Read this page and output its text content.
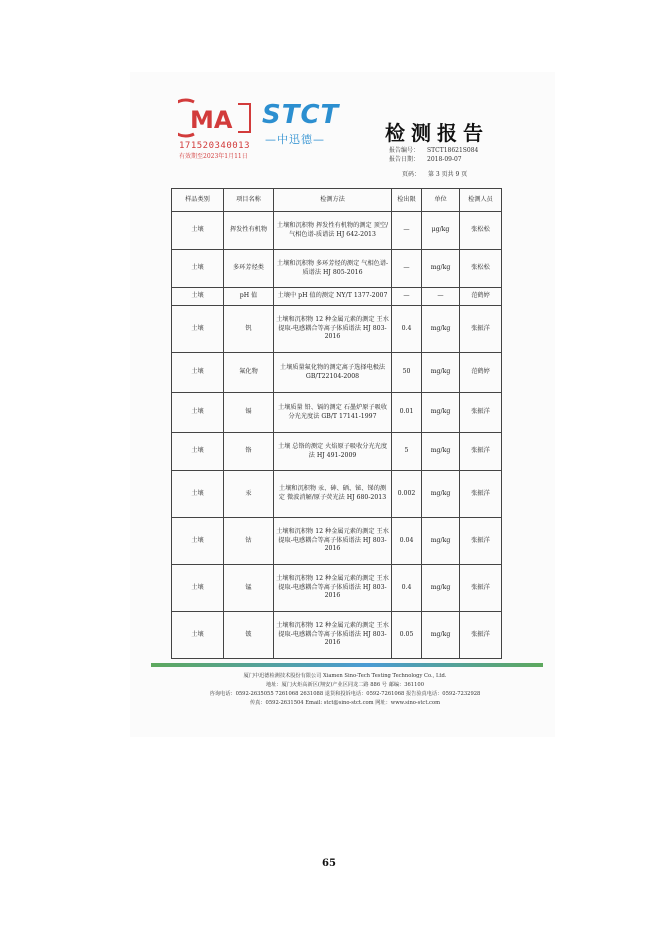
MA
171520340013
有效期至2023年1月11日
STCT
—中迅德—	检测报告
报告编号： STCT18621S084
报告日期： 2018-09-07
页码： 第 3 页共 9 页
样品类别	项目名称	检测方法	检出限	单位	检测人员
土壤	挥发性有机物	土壤和沉积物 挥发性有机物的测定 顶空/气相色谱-质谱法 HJ 642-2013	—	μg/kg	张松松
土壤	多环芳烃类	土壤和沉积物 多环芳烃的测定 气相色谱-质谱法 HJ 805-2016	—	mg/kg	张松松
土壤	pH 值	土壤中 pH 值的测定 NY/T 1377-2007	—	—	范鹤婷
土壤	钒	土壤和沉积物 12 种金属元素的测定 王水提取-电感耦合等离子体质谱法 HJ 803-2016	0.4	mg/kg	张振洋
土壤	氟化物	土壤质量氟化物的测定离子选择电极法 GB/T22104-2008	50	mg/kg	范鹤婷
土壤	镉	土壤质量 铅、镉的测定 石墨炉原子吸收分光光度法 GB/T 17141-1997	0.01	mg/kg	张振洋
土壤	铬	土壤 总铬的测定 火焰原子吸收分光光度法 HJ 491-2009	5	mg/kg	张振洋
土壤	汞	土壤和沉积物 汞、砷、硒、铋、锑的测定 微波消解/原子荧光法 HJ 680-2013	0.002	mg/kg	张振洋
土壤	钴	土壤和沉积物 12 种金属元素的测定 王水提取-电感耦合等离子体质谱法 HJ 803-2016	0.04	mg/kg	张振洋
土壤	锰	土壤和沉积物 12 种金属元素的测定 王水提取-电感耦合等离子体质谱法 HJ 803-2016	0.4	mg/kg	张振洋
土壤	铍	土壤和沉积物 12 种金属元素的测定 王水提取-电感耦合等离子体质谱法 HJ 803-2016	0.05	mg/kg	张振洋
厦门中迅德检测技术股份有限公司 Xiamen Sino-Tech Testing Technology Co., Ltd.
地址：厦门火炬高新区(翔安)产业区同龙二路 886 号 邮编：361100
咨询电话：0592-2635055 7261068 2631088 退货和投诉电话：0592-7261068 报告验真电话：0592-7232928
传真：0592-2631504 Email: stct@sino-stct.com 网址：www.sino-stct.com
65
